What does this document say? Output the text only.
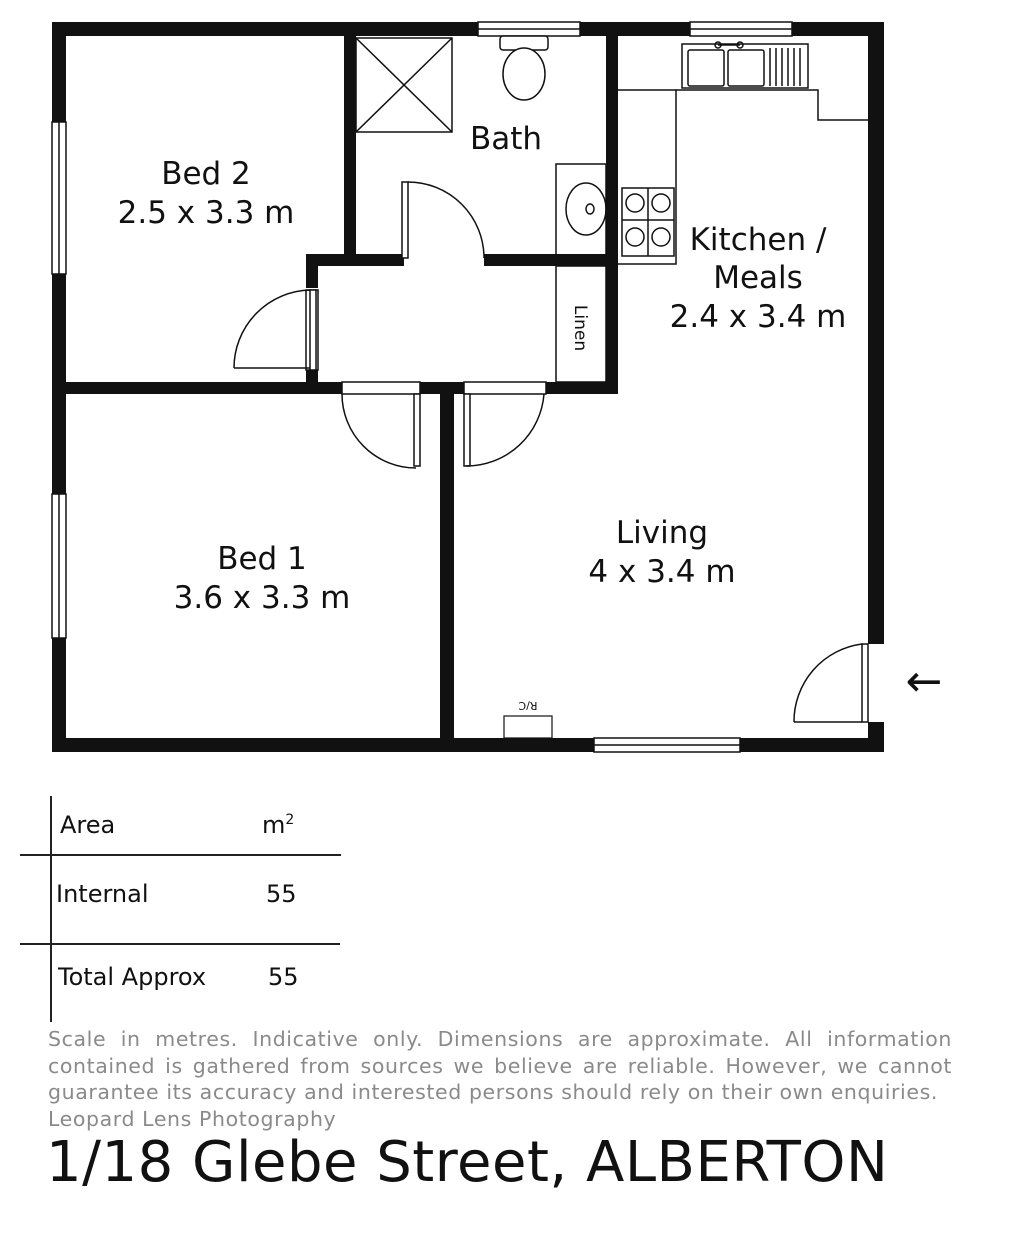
R/C
Bed 2
2.5 x 3.3 m
Bath
Kitchen /
Meals
2.4 x 3.4 m
Linen
Bed 1
3.6 x 3.3 m
Living
4 x 3.4 m
←
Area	$m^2$
Internal	55
Total Approx	55
Scale in metres. Indicative only. Dimensions are approximate. All information contained is gathered from sources we believe are reliable. However, we cannot guarantee its accuracy and interested persons should rely on their own enquiries.
Leopard Lens Photography
1/18 Glebe Street, ALBERTON
